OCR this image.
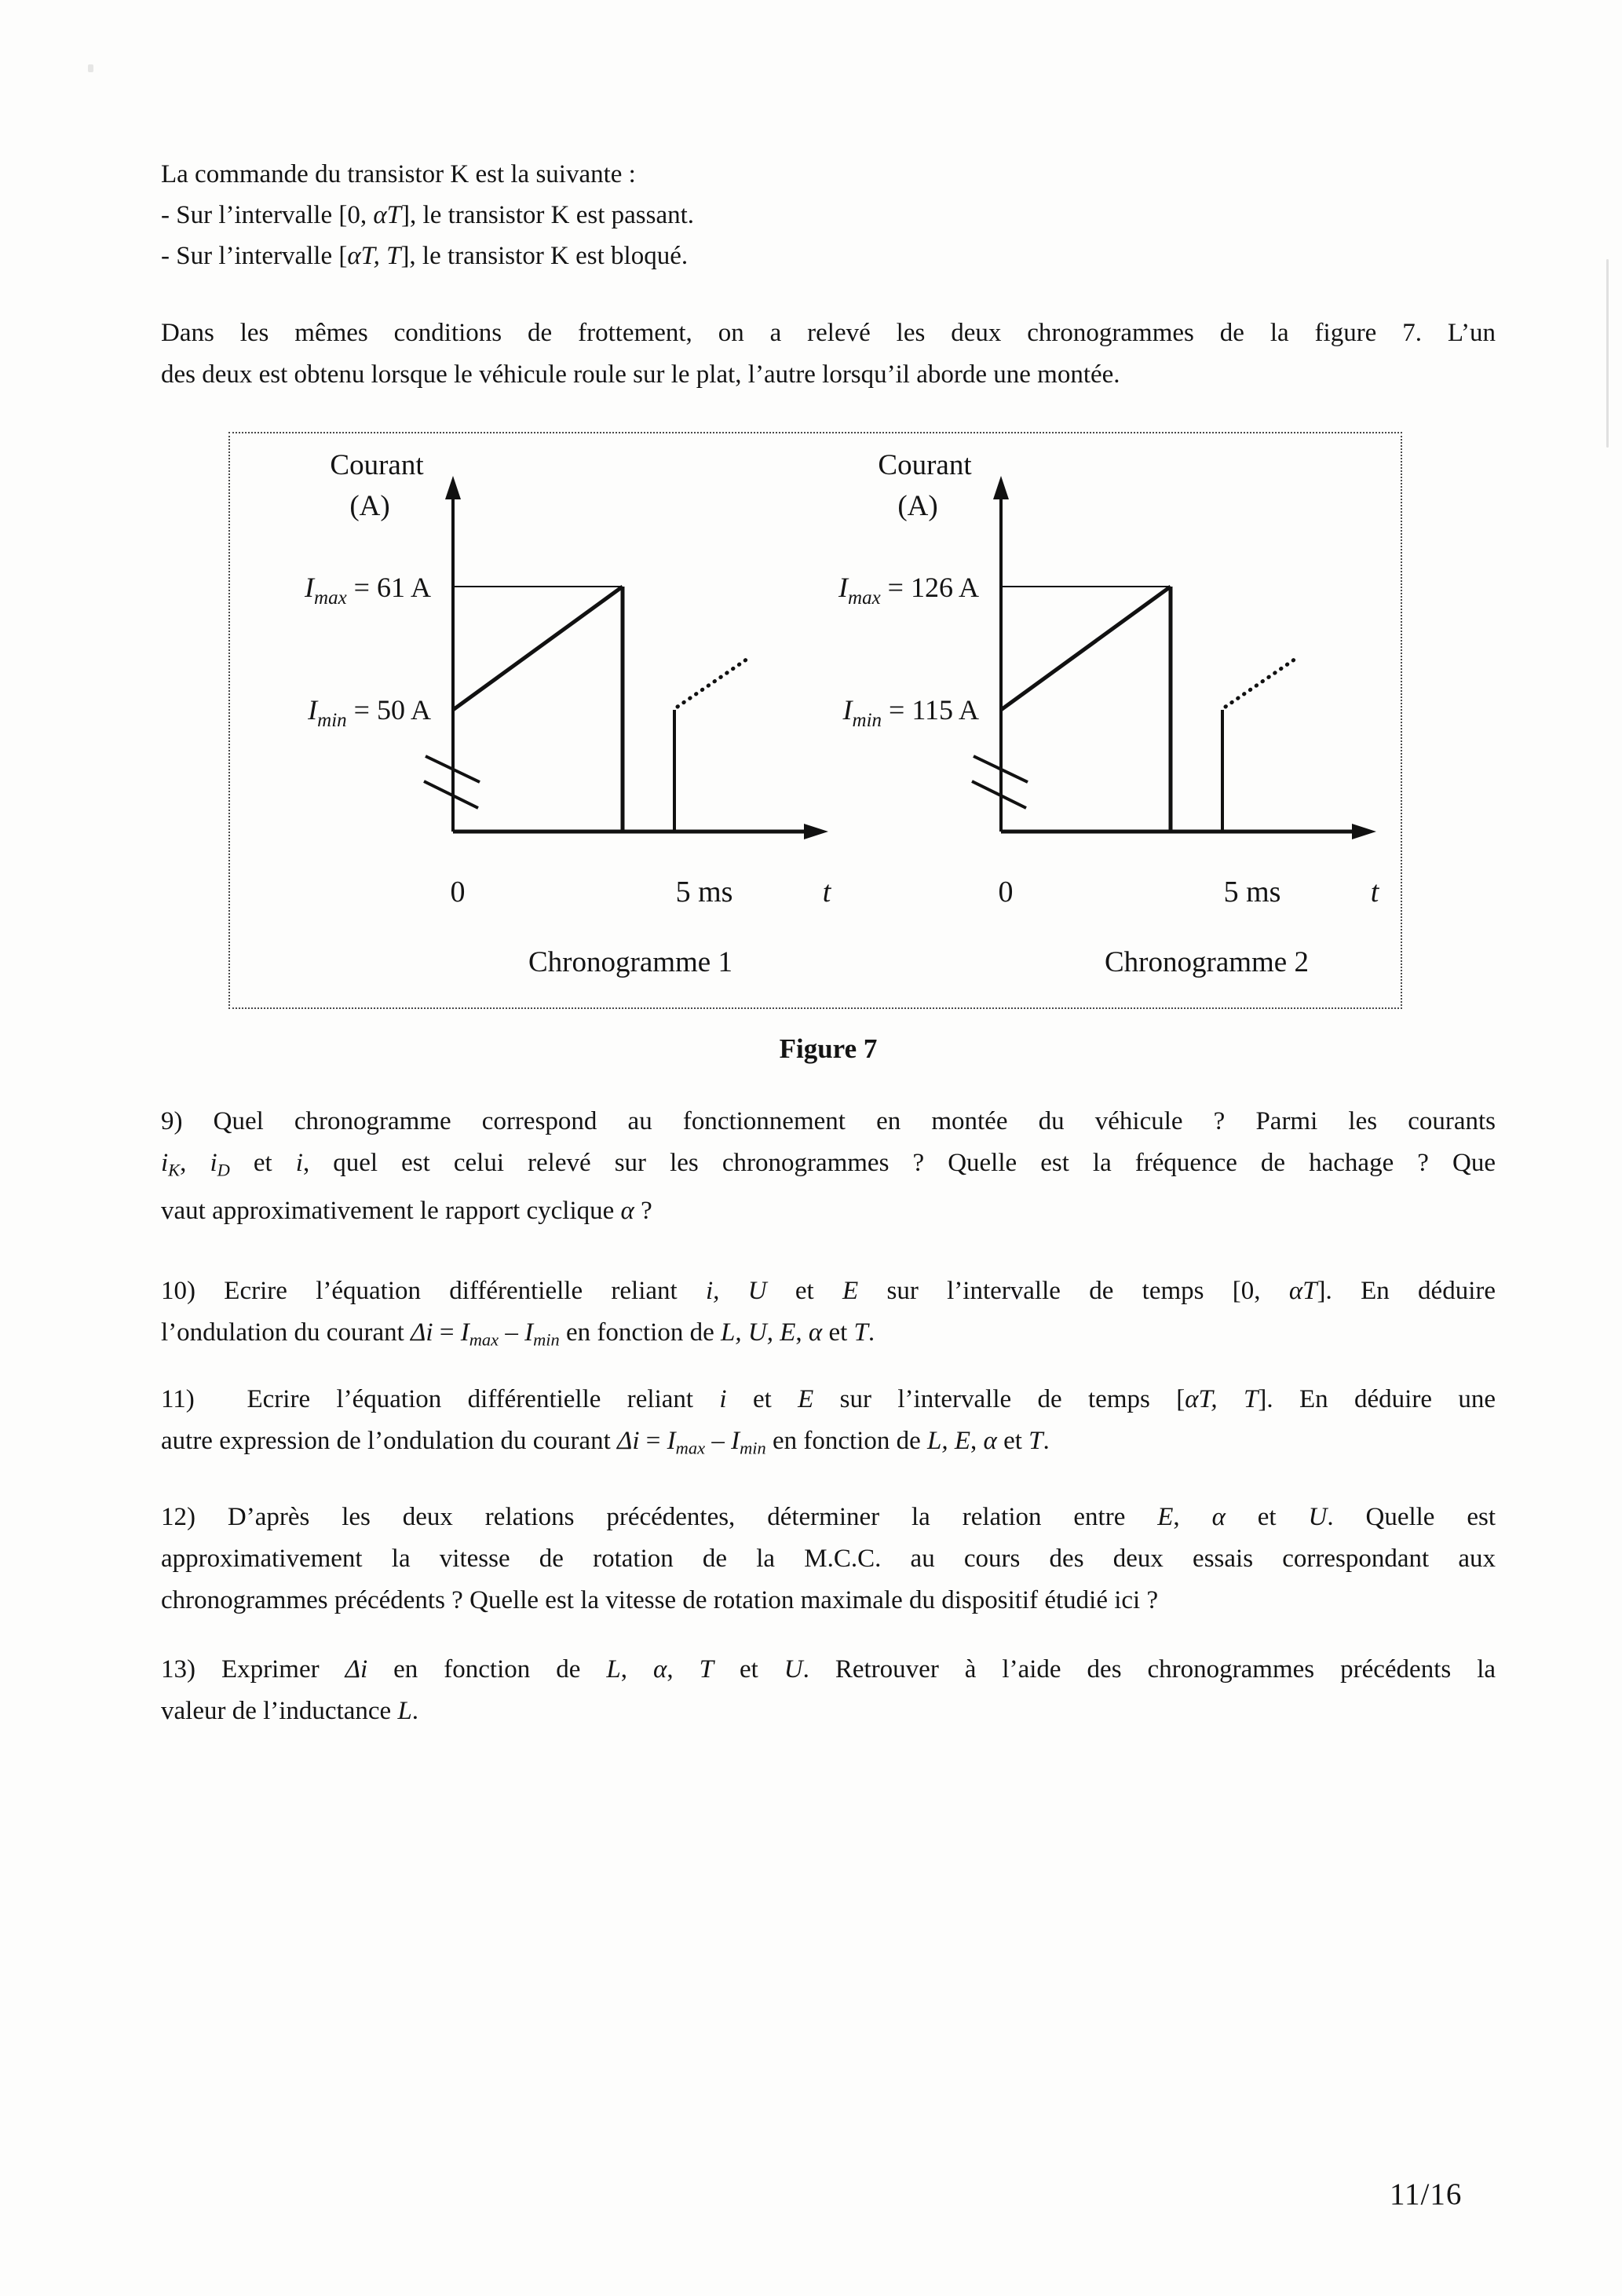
La commande du transistor K est la suivante :
- Sur l’intervalle [0, αT], le transistor K est passant.
- Sur l’intervalle [αT, T], le transistor K est bloqué.
Dans les mêmes conditions de frottement, on a relevé les deux chronogrammes de la figure 7. L’un
des deux est obtenu lorsque le véhicule roule sur le plat, l’autre lorsqu’il aborde une montée.
Courant
(A)
$I_{max} = 61$ A
$I_{min} = 50$ A
0	5 ms	t
Chronogramme 1
Courant
(A)
$I_{max} = 126$ A
$I_{min} = 115$ A
0	5 ms	t
Chronogramme 2
Figure 7
9) Quel chronogramme correspond au fonctionnement en montée du véhicule ? Parmi les courants
iK, iD et i, quel est celui relevé sur les chronogrammes ? Quelle est la fréquence de hachage ? Que
vaut approximativement le rapport cyclique α ?
10) Ecrire l’équation différentielle reliant i, U et E sur l’intervalle de temps [0, αT]. En déduire
l’ondulation du courant Δi = Imax – Imin en fonction de L, U, E, α et T.
11)  Ecrire l’équation différentielle reliant i et E sur l’intervalle de temps [αT, T]. En déduire une
autre expression de l’ondulation du courant Δi = Imax – Imin en fonction de L, E, α et T.
12) D’après les deux relations précédentes, déterminer la relation entre E, α et U. Quelle est
approximativement la vitesse de rotation de la M.C.C. au cours des deux essais correspondant aux
chronogrammes précédents ? Quelle est la vitesse de rotation maximale du dispositif étudié ici ?
13) Exprimer Δi en fonction de L, α, T et U. Retrouver à l’aide des chronogrammes précédents la
valeur de l’inductance L.
11/16
